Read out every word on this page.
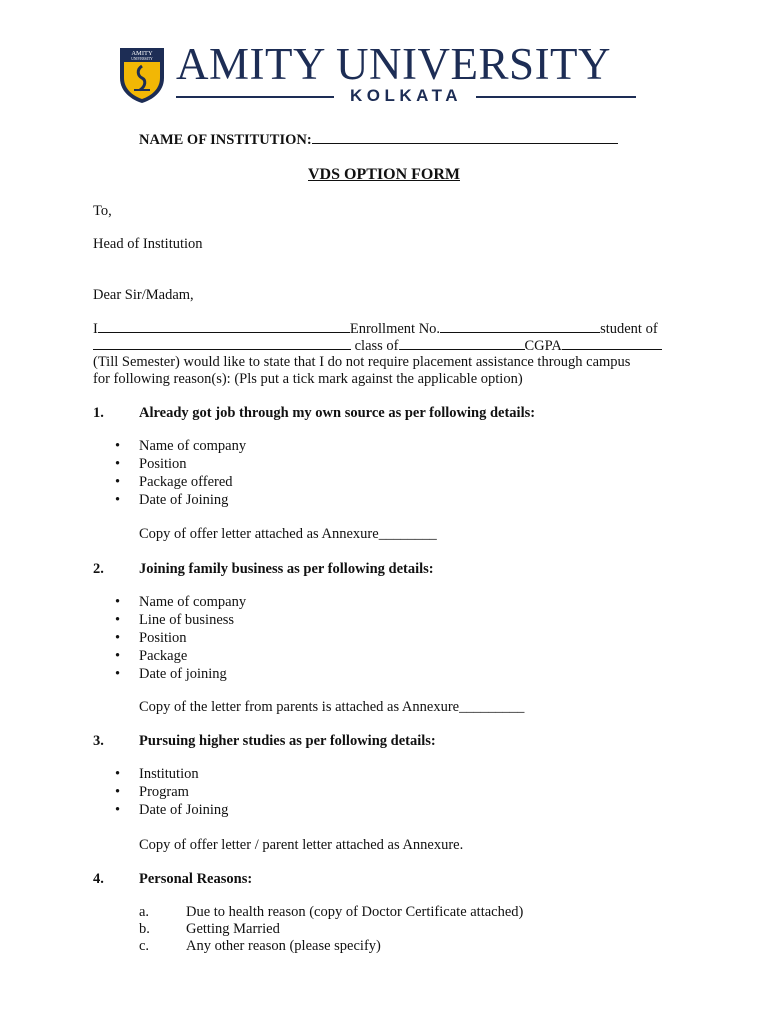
AMITY
UNIVERSITY AMITY UNIVERSITY
KOLKATA
NAME OF INSTITUTION:
VDS OPTION FORM
To,
Head of Institution
Dear Sir/Madam,
I	Enrollment No.	student of
class of	CGPA
(Till Semester) would like to state that I do not require placement assistance through campus
for following reason(s): (Pls put a tick mark against the applicable option)
1. Already got job through my own source as per following details:
•	Name of company
•	Position
•	Package offered
•	Date of Joining
Copy of offer letter attached as Annexure________
2. Joining family business as per following details:
•	Name of company
•	Line of business
•	Position
•	Package
•	Date of joining
Copy of the letter from parents is attached as Annexure_________
3. Pursuing higher studies as per following details:
•	Institution
•	Program
•	Date of Joining
Copy of offer letter / parent letter attached as Annexure.
4. Personal Reasons:
a.	Due to health reason (copy of Doctor Certificate attached)
b. Getting Married
c.	Any other reason (please specify)
